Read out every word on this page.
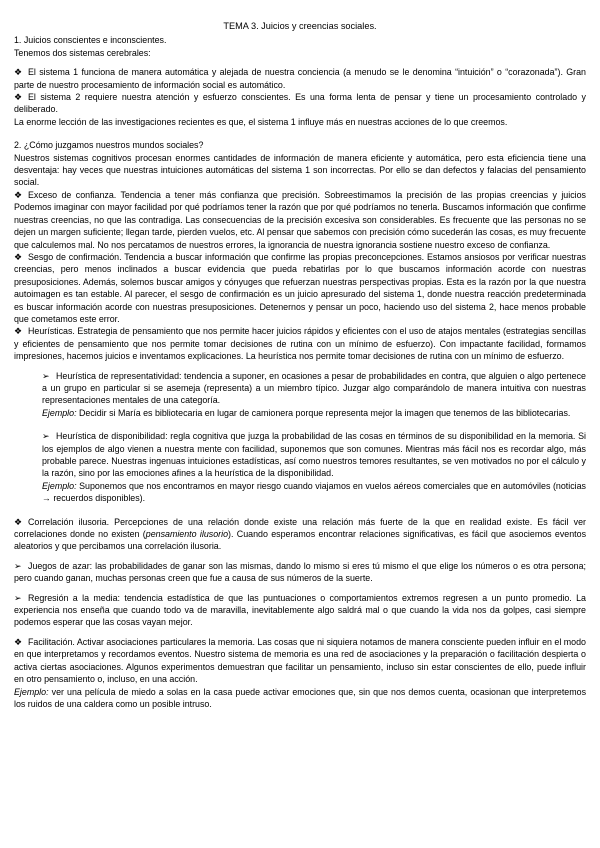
TEMA 3. Juicios y creencias sociales.

1. Juicios conscientes e inconscientes.

Tenemos dos sistemas cerebrales:

❖ El sistema 1 funciona de manera automática y alejada de nuestra conciencia (a menudo se le denomina “intuición” o “corazonada”). Gran parte de nuestro procesamiento de información social es automático.

❖ El sistema 2 requiere nuestra atención y esfuerzo conscientes. Es una forma lenta de pensar y tiene un procesamiento controlado y deliberado.

La enorme lección de las investigaciones recientes es que, el sistema 1 influye más en nuestras acciones de lo que creemos.

2. ¿Cómo juzgamos nuestros mundos sociales?

Nuestros sistemas cognitivos procesan enormes cantidades de información de manera eficiente y automática, pero esta eficiencia tiene una desventaja: hay veces que nuestras intuiciones automáticas del sistema 1 son incorrectas. Por ello se dan defectos y falacias del pensamiento social.

❖ Exceso de confianza. Tendencia a tener más confianza que precisión. Sobreestimamos la precisión de las propias creencias y juicios Podemos imaginar con mayor facilidad por qué podríamos tener la razón que por qué podríamos no tenerla. Buscamos información que confirme nuestras creencias, no que las contradiga. Las consecuencias de la precisión excesiva son considerables. Es frecuente que las personas no se dejen un margen suficiente; llegan tarde, pierden vuelos, etc. Al pensar que sabemos con precisión cómo sucederán las cosas, es muy frecuente que calculemos mal. No nos percatamos de nuestros errores, la ignorancia de nuestra ignorancia sostiene nuestro exceso de confianza.

❖ Sesgo de confirmación. Tendencia a buscar información que confirme las propias preconcepciones. Estamos ansiosos por verificar nuestras creencias, pero menos inclinados a buscar evidencia que pueda rebatirlas por lo que buscamos información acorde con nuestras presuposiciones. Además, solemos buscar amigos y cónyuges que refuerzan nuestras perspectivas propias. Esta es la razón por la que nuestra autoimagen es tan estable. Al parecer, el sesgo de confirmación es un juicio apresurado del sistema 1, donde nuestra reacción predeterminada es buscar información acorde con nuestras presuposiciones. Detenernos y pensar un poco, haciendo uso del sistema 2, hace menos probable que cometamos este error.

❖ Heurísticas. Estrategia de pensamiento que nos permite hacer juicios rápidos y eficientes con el uso de atajos mentales (estrategias sencillas y eficientes de pensamiento que nos permite tomar decisiones de rutina con un mínimo de esfuerzo). Con impactante facilidad, formamos impresiones, hacemos juicios e inventamos explicaciones. La heurística nos permite tomar decisiones de rutina con un mínimo de esfuerzo.

➢ Heurística de representatividad: tendencia a suponer, en ocasiones a pesar de probabilidades en contra, que alguien o algo pertenece a un grupo en particular si se asemeja (representa) a un miembro típico. Juzgar algo comparándolo de manera intuitiva con nuestras representaciones mentales de una categoría.

Ejemplo: Decidir si María es bibliotecaria en lugar de camionera porque representa mejor la imagen que tenemos de las bibliotecarias.

➢ Heurística de disponibilidad: regla cognitiva que juzga la probabilidad de las cosas en términos de su disponibilidad en la memoria. Si los ejemplos de algo vienen a nuestra mente con facilidad, suponemos que son comunes. Mientras más fácil nos es recordar algo, más probable parece. Nuestras ingenuas intuiciones estadísticas, así como nuestros temores resultantes, se ven motivados no por el cálculo y la razón, sino por las emociones afines a la heurística de la disponibilidad.

Ejemplo: Suponemos que nos encontramos en mayor riesgo cuando viajamos en vuelos aéreos comerciales que en automóviles (noticias → recuerdos disponibles).

❖ Correlación ilusoria. Percepciones de una relación donde existe una relación más fuerte de la que en realidad existe. Es fácil ver correlaciones donde no existen (pensamiento ilusorio). Cuando esperamos encontrar relaciones significativas, es fácil que asociemos eventos aleatorios y que percibamos una correlación ilusoria.

➢ Juegos de azar: las probabilidades de ganar son las mismas, dando lo mismo si eres tú mismo el que elige los números o es otra persona; pero cuando ganan, muchas personas creen que fue a causa de sus números de la suerte.

➢ Regresión a la media: tendencia estadística de que las puntuaciones o comportamientos extremos regresen a un punto promedio. La experiencia nos enseña que cuando todo va de maravilla, inevitablemente algo saldrá mal o que cuando la vida nos da golpes, casi siempre podemos esperar que las cosas vayan mejor.

❖ Facilitación. Activar asociaciones particulares la memoria. Las cosas que ni siquiera notamos de manera consciente pueden influir en el modo en que interpretamos y recordamos eventos. Nuestro sistema de memoria es una red de asociaciones y la preparación o facilitación despierta o activa ciertas asociaciones. Algunos experimentos demuestran que facilitar un pensamiento, incluso sin estar conscientes de ello, puede influir en otro pensamiento o, incluso, en una acción.

Ejemplo: ver una película de miedo a solas en la casa puede activar emociones que, sin que nos demos cuenta, ocasionan que interpretemos los ruidos de una caldera como un posible intruso.
